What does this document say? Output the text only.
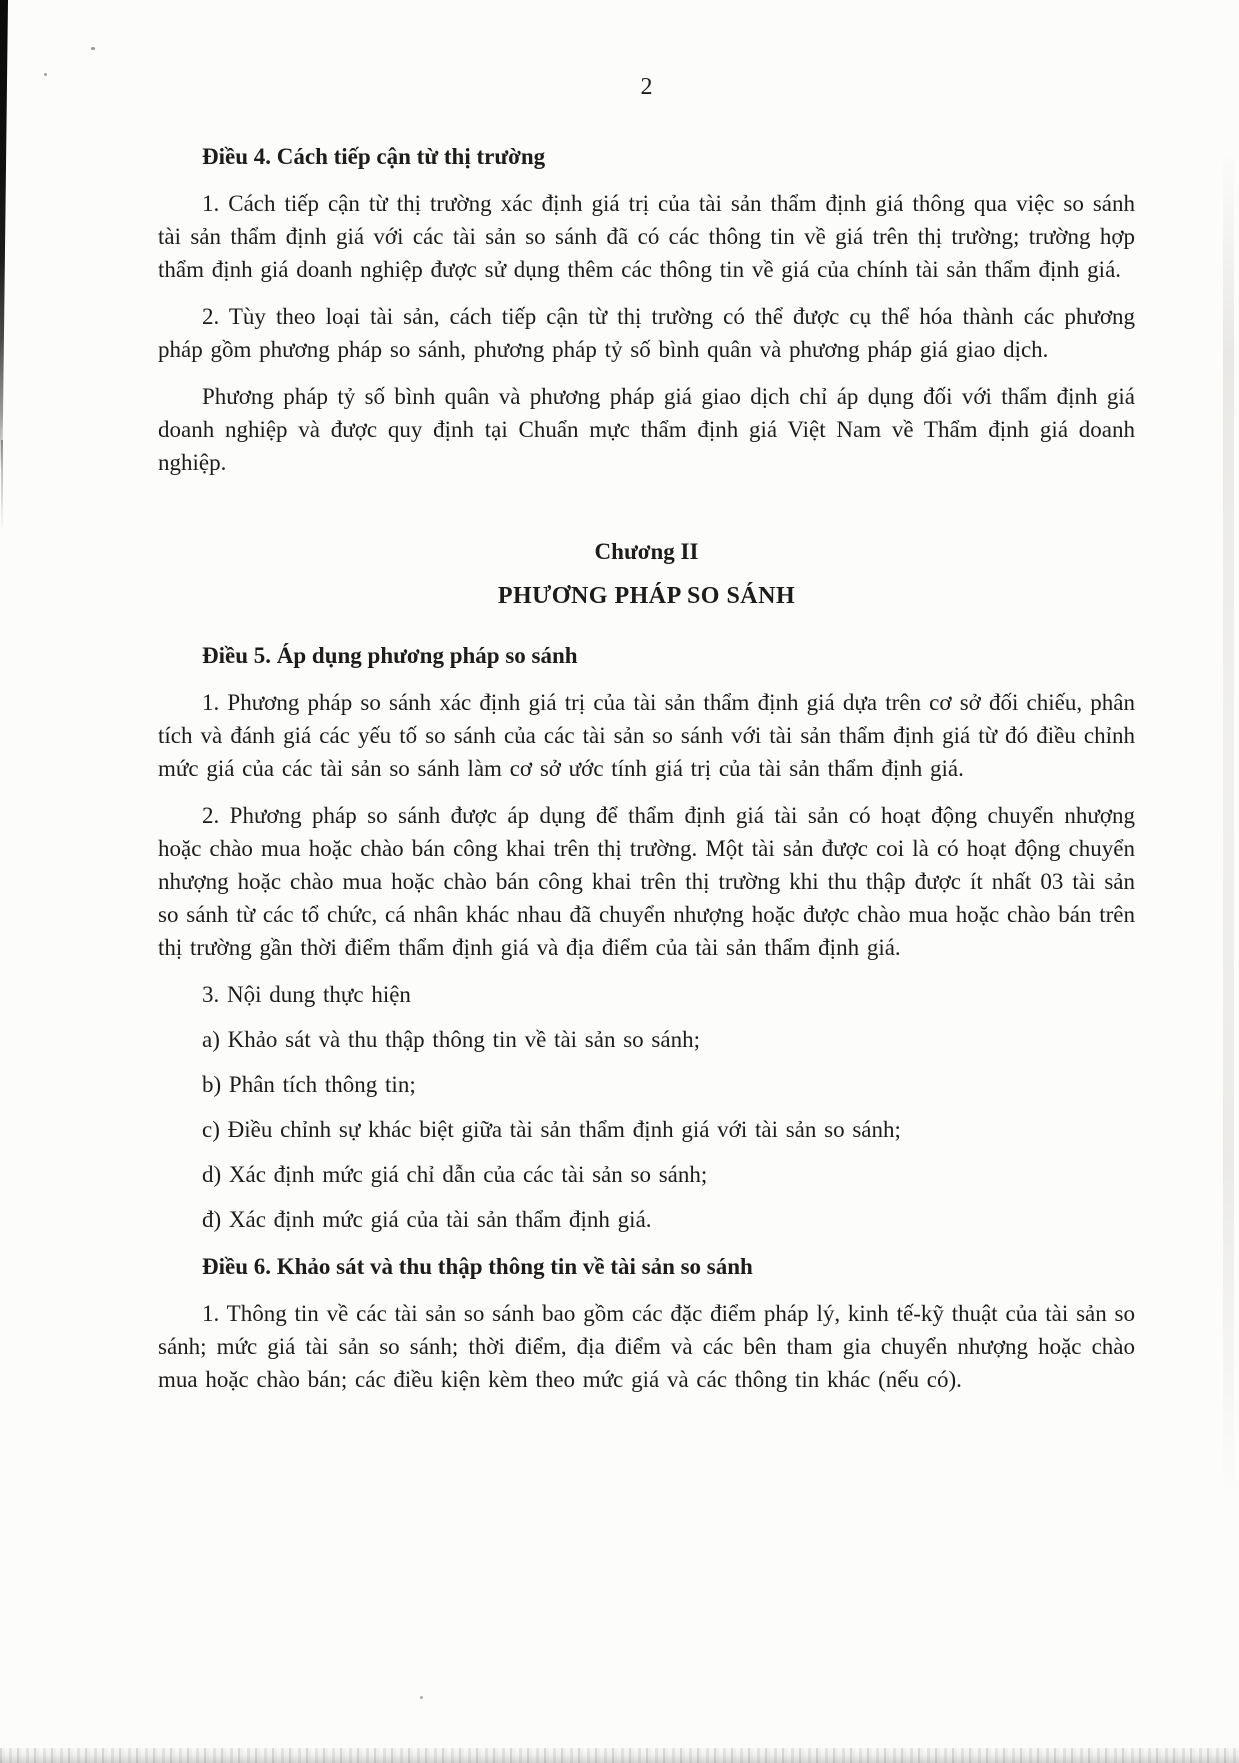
2
Điều 4. Cách tiếp cận từ thị trường

1. Cách tiếp cận từ thị trường xác định giá trị của tài sản thẩm định giá thông qua việc so sánh tài sản thẩm định giá với các tài sản so sánh đã có các thông tin về giá trên thị trường; trường hợp thẩm định giá doanh nghiệp được sử dụng thêm các thông tin về giá của chính tài sản thẩm định giá.

2. Tùy theo loại tài sản, cách tiếp cận từ thị trường có thể được cụ thể hóa thành các phương pháp gồm phương pháp so sánh, phương pháp tỷ số bình quân và phương pháp giá giao dịch.

Phương pháp tỷ số bình quân và phương pháp giá giao dịch chỉ áp dụng đối với thẩm định giá doanh nghiệp và được quy định tại Chuẩn mực thẩm định giá Việt Nam về Thẩm định giá doanh nghiệp.

Chương II
PHƯƠNG PHÁP SO SÁNH
Điều 5. Áp dụng phương pháp so sánh

1. Phương pháp so sánh xác định giá trị của tài sản thẩm định giá dựa trên cơ sở đối chiếu, phân tích và đánh giá các yếu tố so sánh của các tài sản so sánh với tài sản thẩm định giá từ đó điều chỉnh mức giá của các tài sản so sánh làm cơ sở ước tính giá trị của tài sản thẩm định giá.

2. Phương pháp so sánh được áp dụng để thẩm định giá tài sản có hoạt động chuyển nhượng hoặc chào mua hoặc chào bán công khai trên thị trường. Một tài sản được coi là có hoạt động chuyển nhượng hoặc chào mua hoặc chào bán công khai trên thị trường khi thu thập được ít nhất 03 tài sản so sánh từ các tổ chức, cá nhân khác nhau đã chuyển nhượng hoặc được chào mua hoặc chào bán trên thị trường gần thời điểm thẩm định giá và địa điểm của tài sản thẩm định giá.

3. Nội dung thực hiện

a) Khảo sát và thu thập thông tin về tài sản so sánh;

b) Phân tích thông tin;

c) Điều chỉnh sự khác biệt giữa tài sản thẩm định giá với tài sản so sánh;

d) Xác định mức giá chỉ dẫn của các tài sản so sánh;

đ) Xác định mức giá của tài sản thẩm định giá.

Điều 6. Khảo sát và thu thập thông tin về tài sản so sánh

1. Thông tin về các tài sản so sánh bao gồm các đặc điểm pháp lý, kinh tế-kỹ thuật của tài sản so sánh; mức giá tài sản so sánh; thời điểm, địa điểm và các bên tham gia chuyển nhượng hoặc chào mua hoặc chào bán; các điều kiện kèm theo mức giá và các thông tin khác (nếu có).
